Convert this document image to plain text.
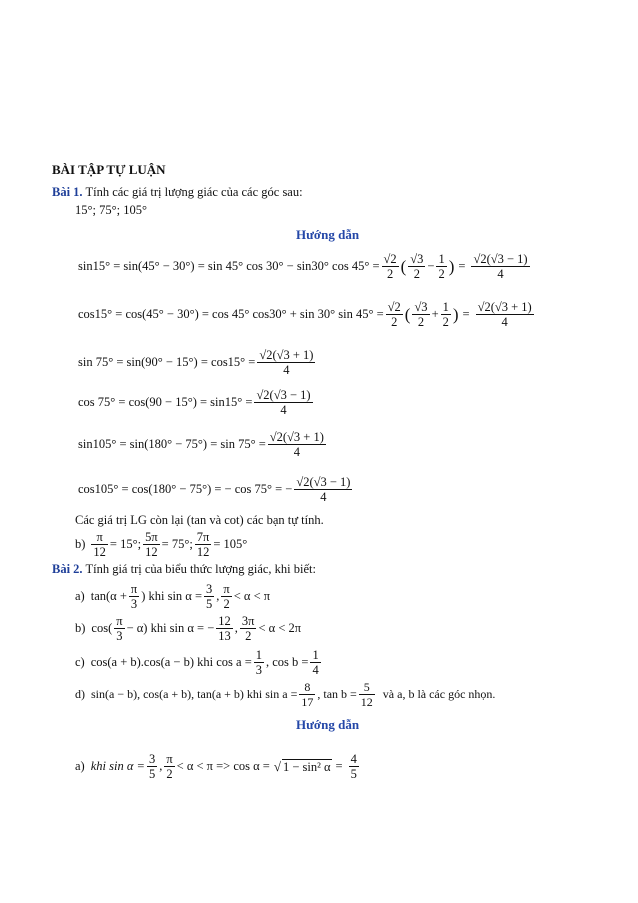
BÀI TẬP TỰ LUẬN
Bài 1. Tính các giá trị lượng giác của các góc sau:
15°; 75°; 105°
Hướng dẫn
sin15° = sin(45° − 30°) = sin 45° cos 30° − sin30° $\cos 45^\circ = \frac{√2}{2}$ ( $\frac{√3}{2} - \frac{1}{2}$ ) = $\frac{√2(√3 - 1)}{4}$
cos15° = cos(45° − 30°) = cos 45° cos30° + sin 30° $\sin 45^\circ = \frac{√2}{2}$ ( $\frac{√3}{2} + \frac{1}{2}$ ) = $\frac{√2(√3 + 1)}{4}$
$\sin 75^\circ = \sin(90^\circ - 15^\circ) = \cos 15^\circ = \frac{√2(√3 + 1)}{4}$
$\cos 75^\circ = \cos(90 - 15^\circ) = \sin 15^\circ = \frac{√2(√3 - 1)}{4}$
$\sin 105^\circ = \sin(180^\circ - 75^\circ) = \sin 75^\circ = \frac{√2(√3 + 1)}{4}$
cos105° = cos(180° − 75°) = − cos 75° = − $\frac{√2(√3 - 1)}{4}$
Các giá trị LG còn lại (tan và cot) các bạn tự tính.
$b) \frac{\pi}{12} = 15^\circ$; $\frac{5\pi}{12} = 75^\circ$; $\frac{7\pi}{12} = 105^\circ$
Bài 2. Tính giá trị của biểu thức lượng giác, khi biết:
a) $\tan(\alpha + \frac{\pi}{3}$ ) khi $\sin \alpha = \frac{3}{5}$ , $\frac{\pi}{2} < \alpha < \pi$
b) $\cos( \frac{\pi}{3} - \alpha)$ khi sin α = − $\frac{12}{13}$ , $\frac{3\pi}{2} < \alpha < 2\pi$
c) cos(a + b).cos(a − b) khi $\cos a = \frac{1}{3}$ , $\cos b = \frac{1}{4}$
d) sin(a − b), cos(a + b), tan(a + b) khi $\sin a = \frac{8}{17}$ , $\tan b = \frac{5}{12}$ và a, b là các góc nhọn.
Hướng dẫn
a) khi $\sin \alpha = \frac{3}{5}$ , $\frac{\pi}{2} < \alpha < \pi => \cos \alpha$ = √ 1 − sin² $\alpha = \frac{4}{5}$
